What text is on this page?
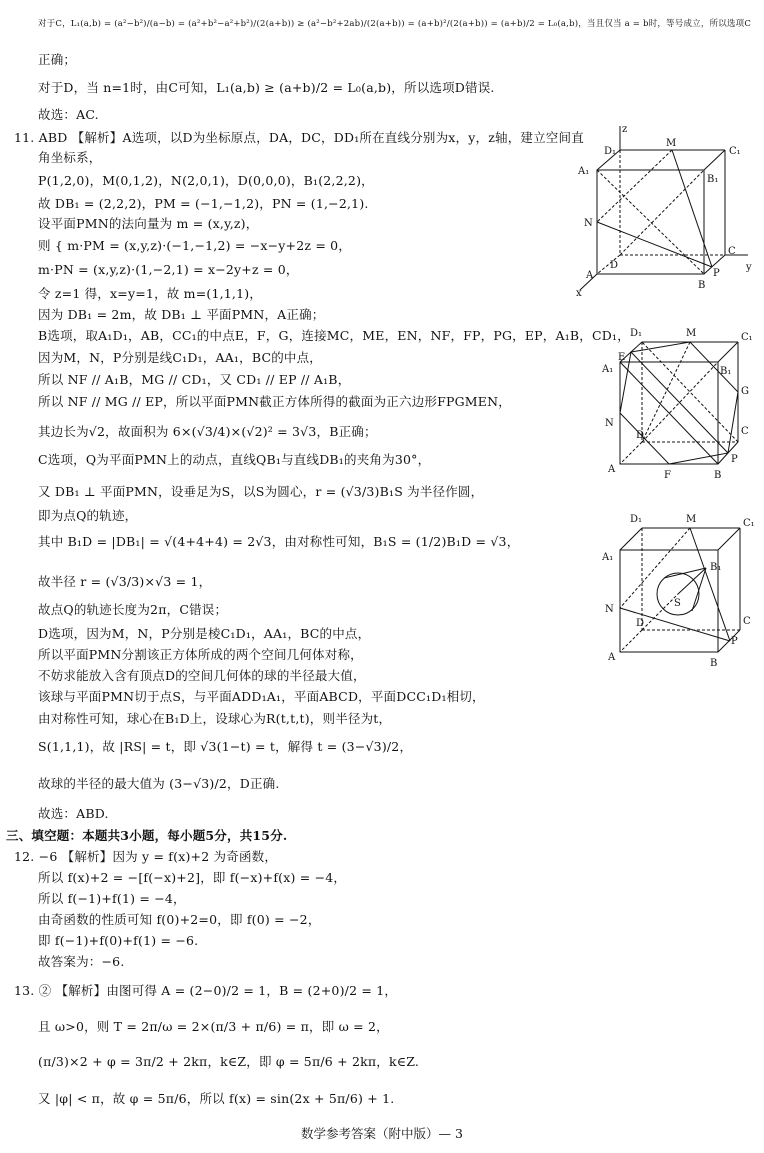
对于C，L₁(a,b) = (a²−b²)/(a−b) = (a²+b²−a²+b²)/(2(a+b)) ≥ (a²−b²+2ab)/(2(a+b)) = (a+b)²/(2(a+b)) = (a+b)/2 = L₀(a,b)，当且仅当 a = b时，等号成立，所以选项C
正确；
对于D，当 n=1时，由C可知，L₁(a,b) ≥ (a+b)/2 = L₀(a,b)，所以选项D错误.
故选：AC.
11. ABD 【解析】A选项，以D为坐标原点，DA，DC，DD₁所在直线分别为x，y，z轴，建立空间直
角坐标系，
P(1,2,0)，M(0,1,2)，N(2,0,1)，D(0,0,0)，B₁(2,2,2)，
故 DB₁ = (2,2,2)，PM = (−1,−1,2)，PN = (1,−2,1).
设平面PMN的法向量为 m = (x,y,z)，
则 { m·PM = (x,y,z)·(−1,−1,2) = −x−y+2z = 0，
m·PN = (x,y,z)·(1,−2,1) = x−2y+z = 0，
令 z=1 得，x=y=1，故 m=(1,1,1)，
因为 DB₁ = 2m，故 DB₁ ⊥ 平面PMN，A正确；
B选项，取A₁D₁，AB，CC₁的中点E，F，G，连接MC，ME，EN，NF，FP，PG，EP，A₁B，CD₁，
因为M，N，P分别是线C₁D₁，AA₁，BC的中点，
所以 NF // A₁B，MG // CD₁，又 CD₁ // EP // A₁B，
所以 NF // MG // EP，所以平面PMN截正方体所得的截面为正六边形FPGMEN，
其边长为√2，故面积为 6×(√3/4)×(√2)² = 3√3，B正确；
C选项，Q为平面PMN上的动点，直线QB₁与直线DB₁的夹角为30°，
又 DB₁ ⊥ 平面PMN，设垂足为S，以S为圆心，r = (√3/3)B₁S 为半径作圆，
即为点Q的轨迹，
其中 B₁D = |DB₁| = √(4+4+4) = 2√3，由对称性可知，B₁S = (1/2)B₁D = √3，
故半径 r = (√3/3)×√3 = 1，
故点Q的轨迹长度为2π，C错误；
D选项，因为M，N，P分别是棱C₁D₁，AA₁，BC的中点，
所以平面PMN分割该正方体所成的两个空间几何体对称，
不妨求能放入含有顶点D的空间几何体的球的半径最大值，
该球与平面PMN切于点S，与平面ADD₁A₁，平面ABCD，平面DCC₁D₁相切，
由对称性可知，球心在B₁D上，设球心为R(t,t,t)，则半径为t，
S(1,1,1)，故 |RS| = t，即 √3(1−t) = t，解得 t = (3−√3)/2，
故球的半径的最大值为 (3−√3)/2，D正确.
故选：ABD.
三、填空题：本题共3小题，每小题5分，共15分.
12. −6 【解析】因为 y = f(x)+2 为奇函数，
所以 f(x)+2 = −[f(−x)+2]，即 f(−x)+f(x) = −4，
所以 f(−1)+f(1) = −4，
由奇函数的性质可知 f(0)+2=0，即 f(0) = −2，
即 f(−1)+f(0)+f(1) = −6.
故答案为：−6.
13. ② 【解析】由图可得 A = (2−0)/2 = 1，B = (2+0)/2 = 1，
且 ω>0，则 T = 2π/ω = 2×(π/3 + π/6) = π，即 ω = 2，
(π/3)×2 + φ = 3π/2 + 2kπ，k∈Z，即 φ = 5π/6 + 2kπ，k∈Z.
又 |φ| < π，故 φ = 5π/6，所以 f(x) = sin(2x + 5π/6) + 1.
z
D₁
M
C₁
A₁
B₁
N
A
D
C
y
P
B
x
D₁	M	C₁
E
A₁	B₁
G
N
C
D
A
F	B
P
D₁	M	C₁
A₁
B₁
S
N
C
D
P
A
B
数学参考答案（附中版）— 3
